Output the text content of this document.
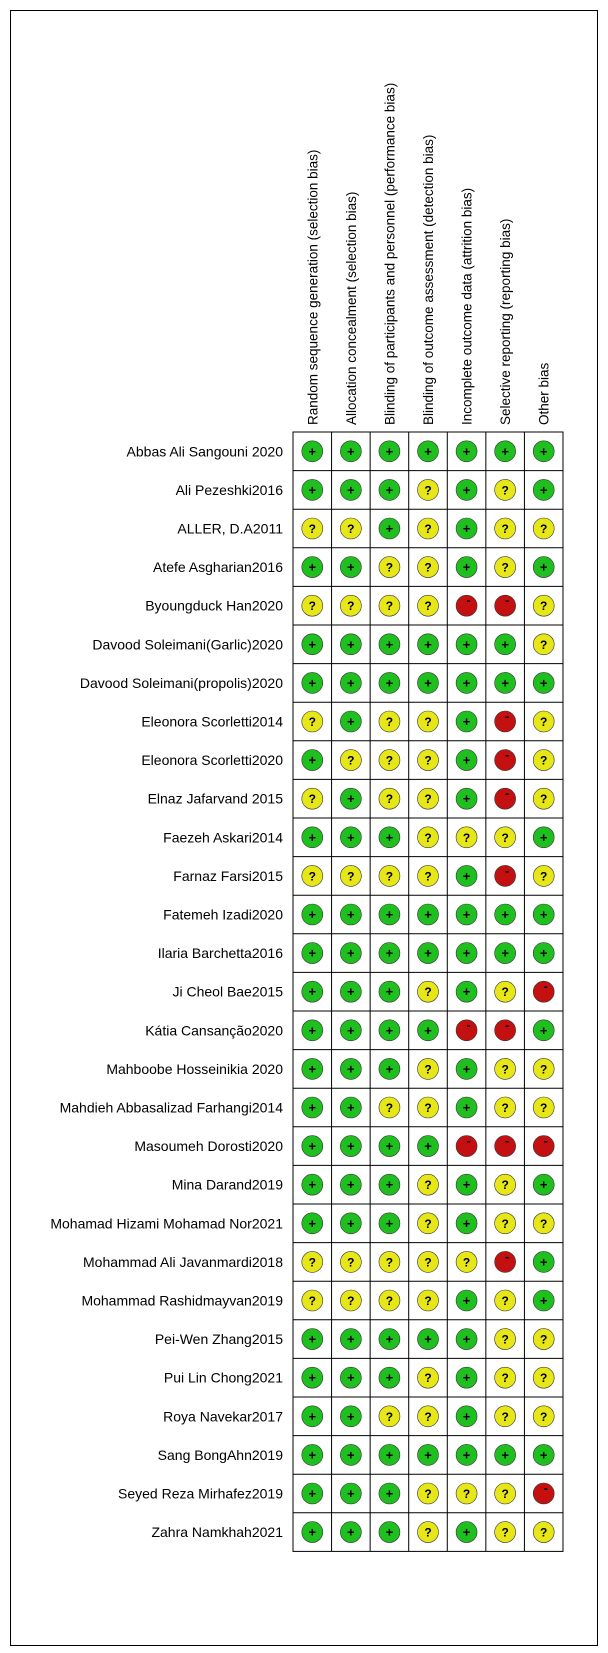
Random sequence generation (selection bias) Allocation concealment (selection bias) Blinding of participants and personnel (performance bias) Blinding of outcome assessment (detection bias) Incomplete outcome data (attrition bias) Selective reporting (reporting bias) Other bias
Abbas Ali Sangouni 2020 + + + + + + +
Ali Pezeshki2016 + + +	? +	? +
ALLER, D.A2011 ?	? +	? +	?	?
Atefe Asgharian2016 + +	?	? +	? +
Byoungduck Han2020 ?	?	?	?	-	-	?
Davood Soleimani(Garlic)2020 + + + + + +	?
Davood Soleimani(propolis)2020 + + + + + + +
Eleonora Scorletti2014 ? +	?	? +	-	?
Eleonora Scorletti2020 +	?	?	? +	-	?
Elnaz Jafarvand 2015 ? +	?	? +	-	?
Faezeh Askari2014 + + +	?	?	? +
Farnaz Farsi2015 ?	?	?	? +	-	?
Fatemeh Izadi2020 + + + + + + +
Ilaria Barchetta2016 + + + + + + +
Ji Cheol Bae2015 + + +	? +	?	-
Kátia Cansanção2020 + + + +	-	- +
Mahboobe Hosseinikia 2020 + + +	? +	?	?
Mahdieh Abbasalizad Farhangi2014 + +	?	? +	?	?
Masoumeh Dorosti2020 + + + +	-	-	-
Mina Darand2019 + + +	? +	? +
Mohamad Hizami Mohamad Nor2021 + + +	? +	?	?
Mohammad Ali Javanmardi2018 ?	?	?	?	?	- +
Mohammad Rashidmayvan2019 ?	?	?	? +	? +
Pei-Wen Zhang2015 + + + + +	?	?
Pui Lin Chong2021 + + +	? +	?	?
Roya Navekar2017 + +	?	? +	?	?
Sang BongAhn2019 + + + + + + +
Seyed Reza Mirhafez2019 + + +	?	?	?	-
Zahra Namkhah2021 + + +	? +	?	?
